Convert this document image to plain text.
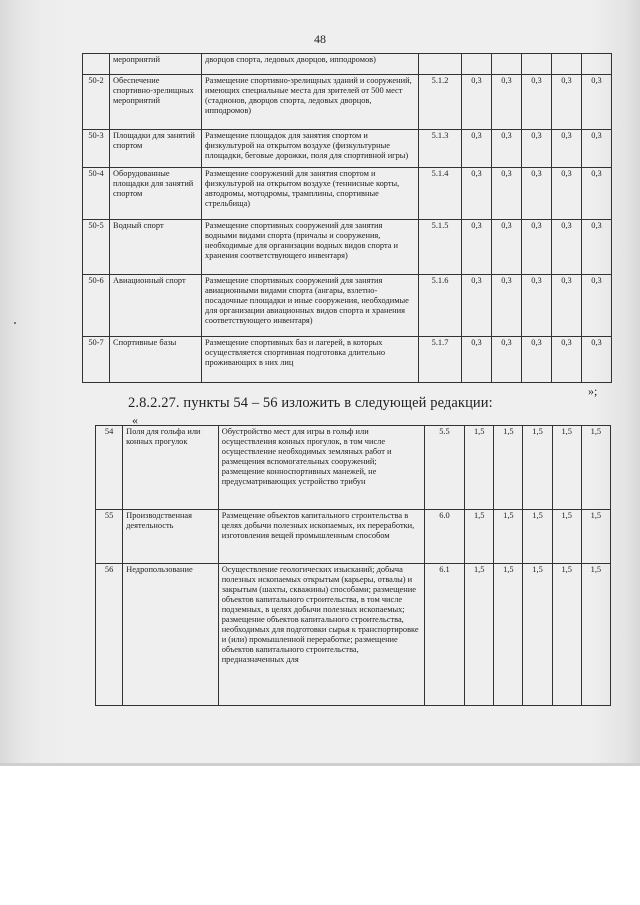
48
	мероприятий	дворцов спорта, ледовых дворцов, ипподромов)						
50-2	Обеспечение спортивно-зрелищных мероприятий	Размещение спортивно-зрелищных зданий и сооружений, имеющих специальные места для зрителей от 500 мест (стадионов, дворцов спорта, ледовых дворцов, ипподромов)	5.1.2	0,3	0,3	0,3	0,3	0,3
50-3	Площадки для занятий спортом	Размещение площадок для занятия спортом и физкультурой на открытом воздухе (физкультурные площадки, беговые дорожки, поля для спортивной игры)	5.1.3	0,3	0,3	0,3	0,3	0,3
50-4	Оборудованные площадки для занятий спортом	Размещение сооружений для занятия спортом и физкультурой на открытом воздухе (теннисные корты, автодромы, мотодромы, трамплины, спортивные стрельбища)	5.1.4	0,3	0,3	0,3	0,3	0,3
50-5	Водный спорт	Размещение спортивных сооружений для занятия водными видами спорта (причалы и сооружения, необходимые для организации водных видов спорта и хранения соответствующего инвентаря)	5.1.5	0,3	0,3	0,3	0,3	0,3
50-6	Авиационный спорт	Размещение спортивных сооружений для занятия авиационными видами спорта (ангары, взлетно-посадочные площадки и иные сооружения, необходимые для организации авиационных видов спорта и хранения соответствующего инвентаря)	5.1.6	0,3	0,3	0,3	0,3	0,3
50-7	Спортивные базы	Размещение спортивных баз и лагерей, в которых осуществляется спортивная подготовка длительно проживающих в них лиц	5.1.7	0,3	0,3	0,3	0,3	0,3
»;
2.8.2.27. пункты 54 – 56 изложить в следующей редакции:
«
54	Поля для гольфа или конных прогулок	Обустройство мест для игры в гольф или осуществления конных прогулок, в том числе осуществление необходимых земляных работ и размещения вспомогательных сооружений; размещение конноспортивных манежей, не предусматривающих устройство трибун	5.5	1,5	1,5	1,5	1,5	1,5
55	Производственная деятельность	Размещение объектов капитального строительства в целях добычи полезных ископаемых, их переработки, изготовления вещей промышленным способом	6.0	1,5	1,5	1,5	1,5	1,5
56	Недропользование	Осуществление геологических изысканий; добыча полезных ископаемых открытым (карьеры, отвалы) и закрытым (шахты, скважины) способами; размещение объектов капитального строительства, в том числе подземных, в целях добычи полезных ископаемых; размещение объектов капитального строительства, необходимых для подготовки сырья к транспортировке и (или) промышленной переработке; размещение объектов капитального строительства, предназначенных для	6.1	1,5	1,5	1,5	1,5	1,5
